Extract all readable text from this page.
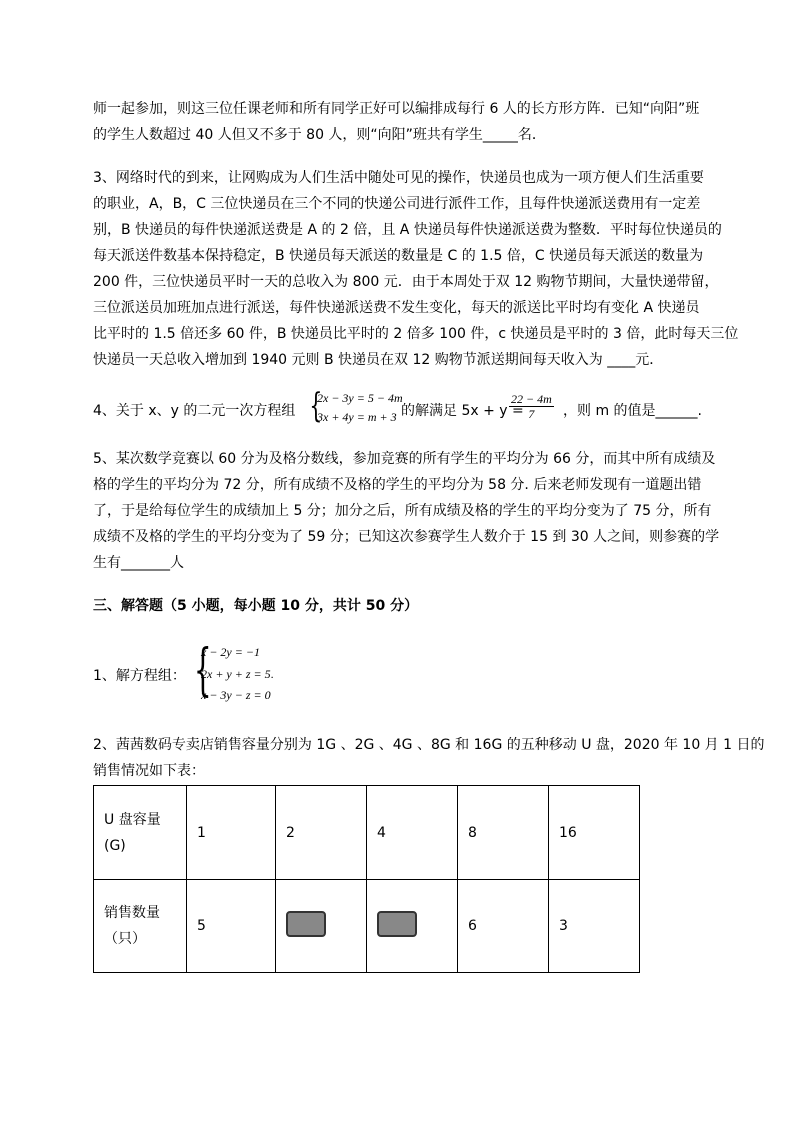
师一起参加，则这三位任课老师和所有同学正好可以编排成每行 6 人的长方形方阵．已知“向阳”班
的学生人数超过 40 人但又不多于 80 人，则“向阳”班共有学生_____名．
3、网络时代的到来，让网购成为人们生活中随处可见的操作，快递员也成为一项方便人们生活重要
的职业，A，B，C 三位快递员在三个不同的快递公司进行派件工作，且每件快递派送费用有一定差
别，B 快递员的每件快递派送费是 A 的 2 倍，且 A 快递员每件快递派送费为整数．平时每位快递员的
每天派送件数基本保持稳定，B 快递员每天派送的数量是 C 的 1.5 倍，C 快递员每天派送的数量为
200 件，三位快递员平时一天的总收入为 800 元．由于本周处于双 12 购物节期间，大量快递带留，
三位派送员加班加点进行派送，每件快递派送费不发生变化，每天的派送比平时均有变化 A 快递员
比平时的 1.5 倍还多 60 件，B 快递员比平时的 2 倍多 100 件，c 快递员是平时的 3 倍，此时每天三位
快递员一天总收入增加到 1940 元则 B 快递员在双 12 购物节派送期间每天收入为 ____元．
4、关于 x、y 的二元一次方程组 {
2x − 3y = 5 − 4m
3x + 4y = m + 3 的解满足 5x + y =
$\frac{22 - 4m}{7}$ ，则 m 的值是______.
5、某次数学竞赛以 60 分为及格分数线，参加竞赛的所有学生的平均分为 66 分，而其中所有成绩及
格的学生的平均分为 72 分，所有成绩不及格的学生的平均分为 58 分. 后来老师发现有一道题出错
了，于是给每位学生的成绩加上 5 分；加分之后，所有成绩及格的学生的平均分变为了 75 分，所有
成绩不及格的学生的平均分变为了 59 分；已知这次参赛学生人数介于 15 到 30 人之间，则参赛的学
生有_______人
三、解答题（5 小题，每小题 10 分，共计 50 分）
1、解方程组： {
x − 2y = −1
2x + y + z = 5.
x − 3y − z = 0
2、茜茜数码专卖店销售容量分别为 1G 、2G 、4G 、8G 和 16G 的五种移动 U 盘，2020 年 10 月 1 日的
销售情况如下表：
U 盘容量
(G)	1	2	4	8	16

销售数量
（只）	5			6	3
